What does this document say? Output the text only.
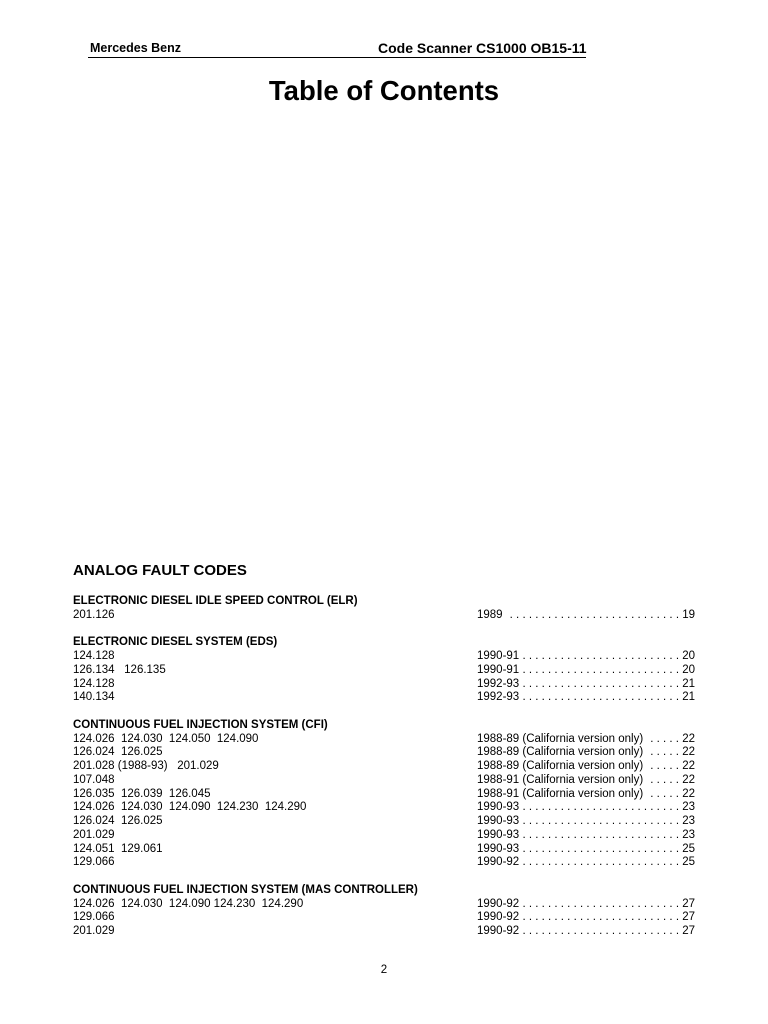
Mercedes Benz	Code Scanner CS1000 OB15-11
Table of Contents
ANALOG FAULT CODES
ELECTRONIC DIESEL IDLE SPEED CONTROL (ELR)
201.126	1989 . . . . . . . . . . . . . . . . . . . . . . . . . . . 19
ELECTRONIC DIESEL SYSTEM (EDS)
124.128	1990-91 . . . . . . . . . . . . . . . . . . . . . . . . . 20
126.134   126.135	1990-91 . . . . . . . . . . . . . . . . . . . . . . . . . 20
124.128	1992-93 . . . . . . . . . . . . . . . . . . . . . . . . . 21
140.134	1992-93 . . . . . . . . . . . . . . . . . . . . . . . . . 21
CONTINUOUS FUEL INJECTION SYSTEM (CFI)
124.026  124.030  124.050  124.090	1988-89 (California version only) . . . . . 22
126.024  126.025	1988-89 (California version only) . . . . . 22
201.028 (1988-93)   201.029	1988-89 (California version only) . . . . . 22
107.048	1988-91 (California version only) . . . . . 22
126.035  126.039  126.045	1988-91 (California version only) . . . . . 22
124.026  124.030  124.090  124.230  124.290	1990-93 . . . . . . . . . . . . . . . . . . . . . . . . . 23
126.024  126.025	1990-93 . . . . . . . . . . . . . . . . . . . . . . . . . 23
201.029	1990-93 . . . . . . . . . . . . . . . . . . . . . . . . . 23
124.051  129.061	1990-93 . . . . . . . . . . . . . . . . . . . . . . . . . 25
129.066	1990-92 . . . . . . . . . . . . . . . . . . . . . . . . . 25
CONTINUOUS FUEL INJECTION SYSTEM (MAS CONTROLLER)
124.026  124.030  124.090 124.230  124.290	1990-92 . . . . . . . . . . . . . . . . . . . . . . . . . 27
129.066	1990-92 . . . . . . . . . . . . . . . . . . . . . . . . . 27
201.029	1990-92 . . . . . . . . . . . . . . . . . . . . . . . . . 27
2
